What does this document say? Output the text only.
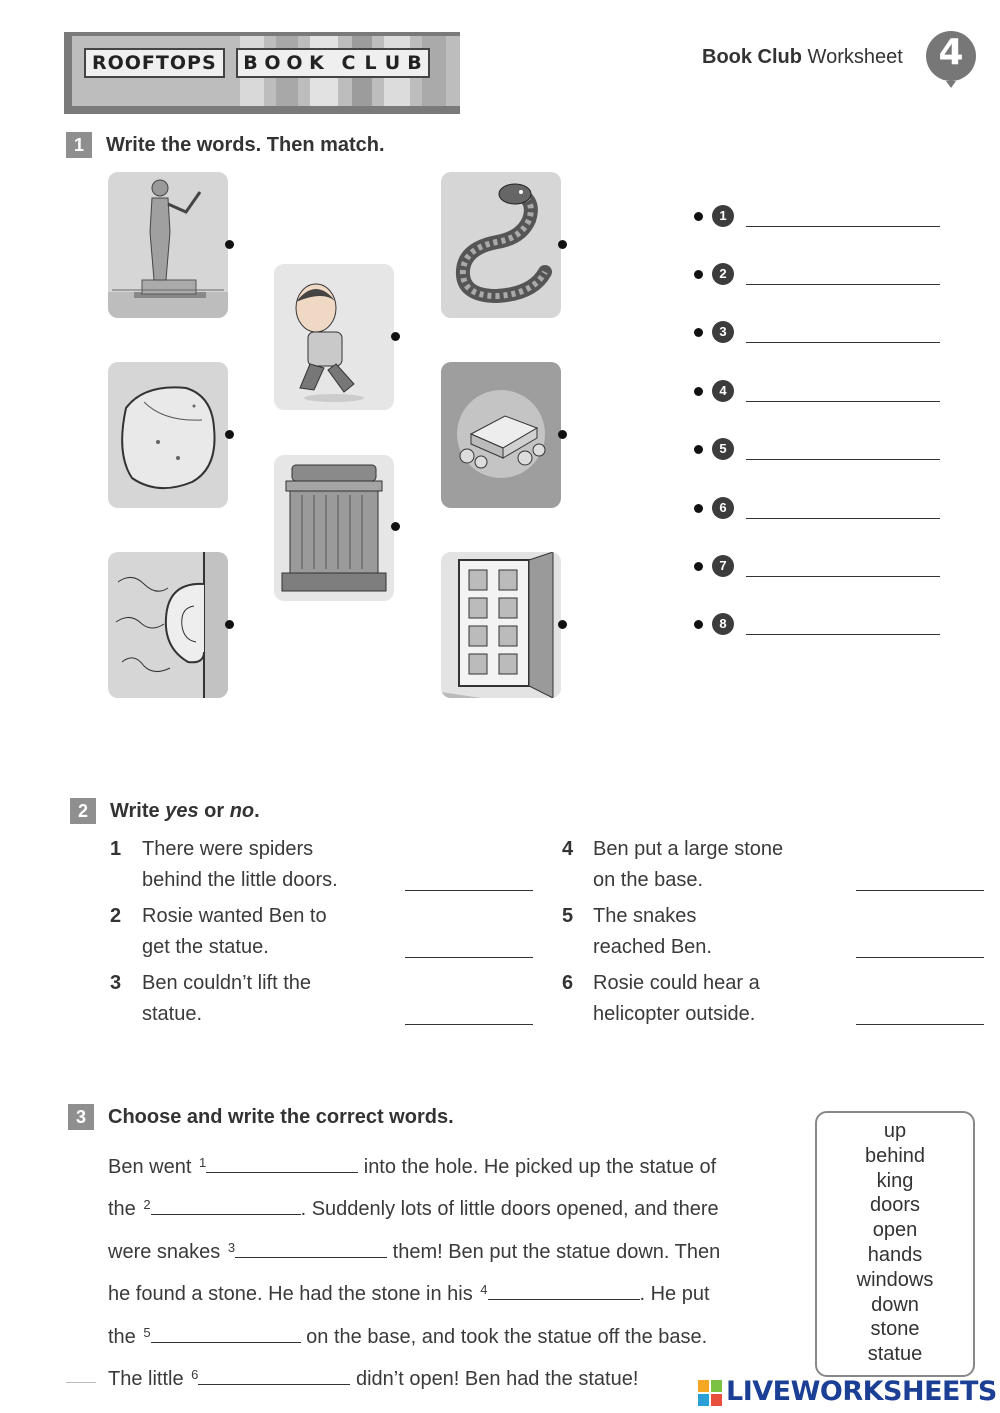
ROOFTOPS	B O O K C L U B	Book Club Worksheet 4
1	Write the words. Then match.
1
2
3
4
5
6
7
8
2	Write yes or no.
1 There were spiders
behind the little doors.
2 Rosie wanted Ben to
get the statue.
3 Ben couldn’t lift the
statue.
4 Ben put a large stone
on the base.
5 The snakes
reached Ben.
6 Rosie could hear a
helicopter outside.
3	Choose and write the correct words.
Ben went $^1$	into the hole. He picked up the statue of
the $^2$	. Suddenly lots of little doors opened, and there
were snakes $^3$	them! Ben put the statue down. Then
he found a stone. He had the stone in his $^4$	. He put
the $^5$	on the base, and took the statue off the base.
The little $^6$	didn’t open! Ben had the statue!
up
behind
king
doors
open
hands
windows
down
stone
statue
LIVEWORKSHEETS
